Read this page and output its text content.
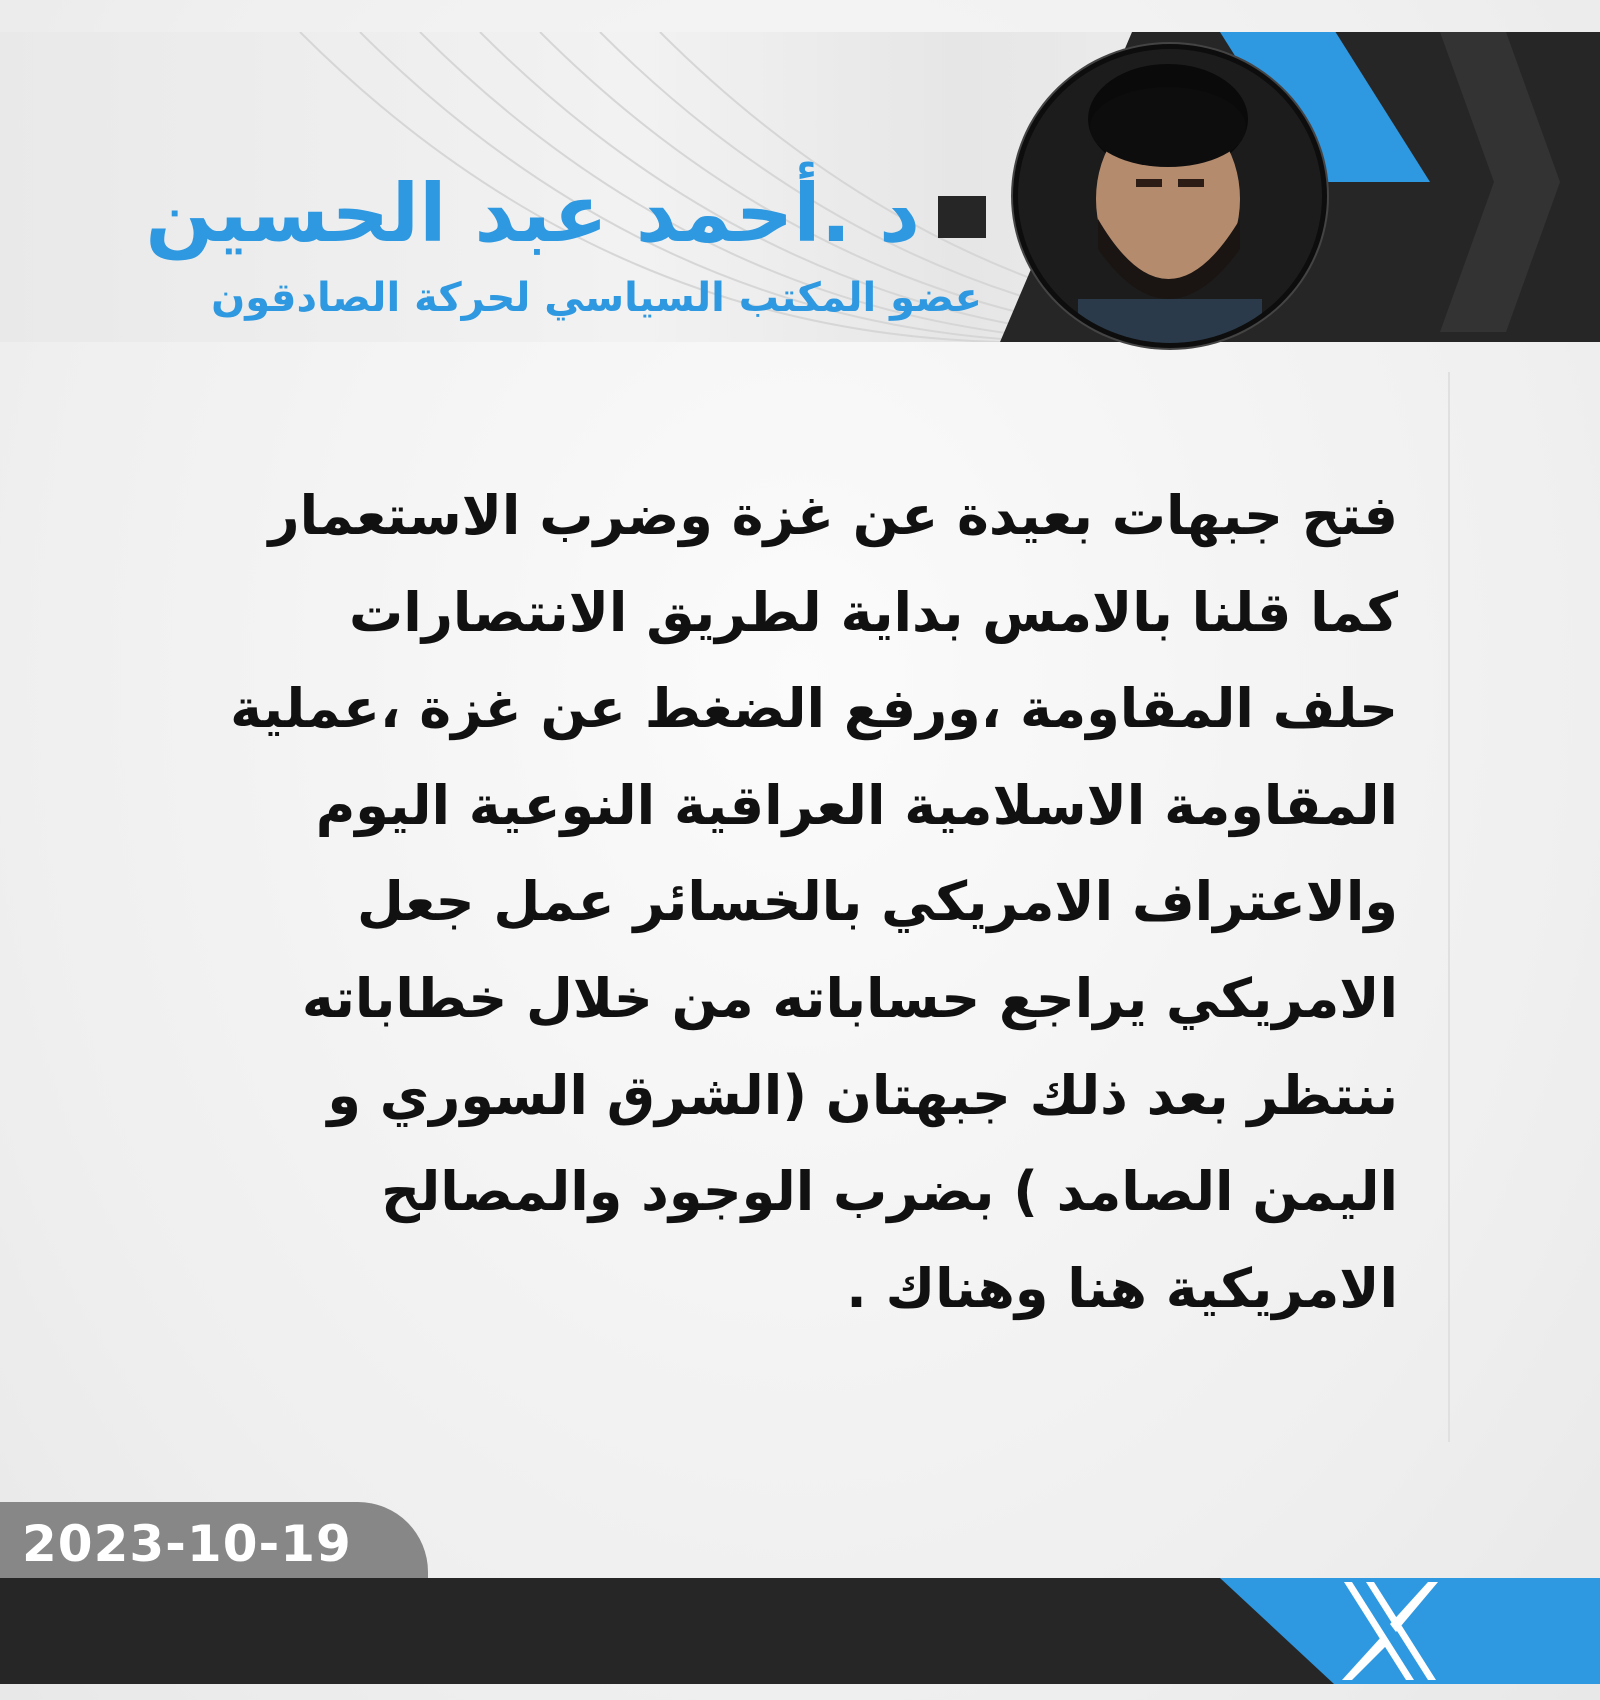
د .أحمد عبد الحسين
عضو المكتب السياسي لحركة الصادقون
فتح جبهات بعيدة عن غزة وضرب الاستعمار
كما قلنا بالامس بداية لطريق الانتصارات
حلف المقاومة ،ورفع الضغط عن غزة ،عملية
المقاومة الاسلامية العراقية النوعية اليوم
والاعتراف الامريكي بالخسائر عمل جعل
الامريكي يراجع حساباته من خلال خطاباته
ننتظر بعد ذلك جبهتان (الشرق السوري و
اليمن الصامد ) بضرب الوجود والمصالح
الامريكية هنا وهناك .
2023-10-19
